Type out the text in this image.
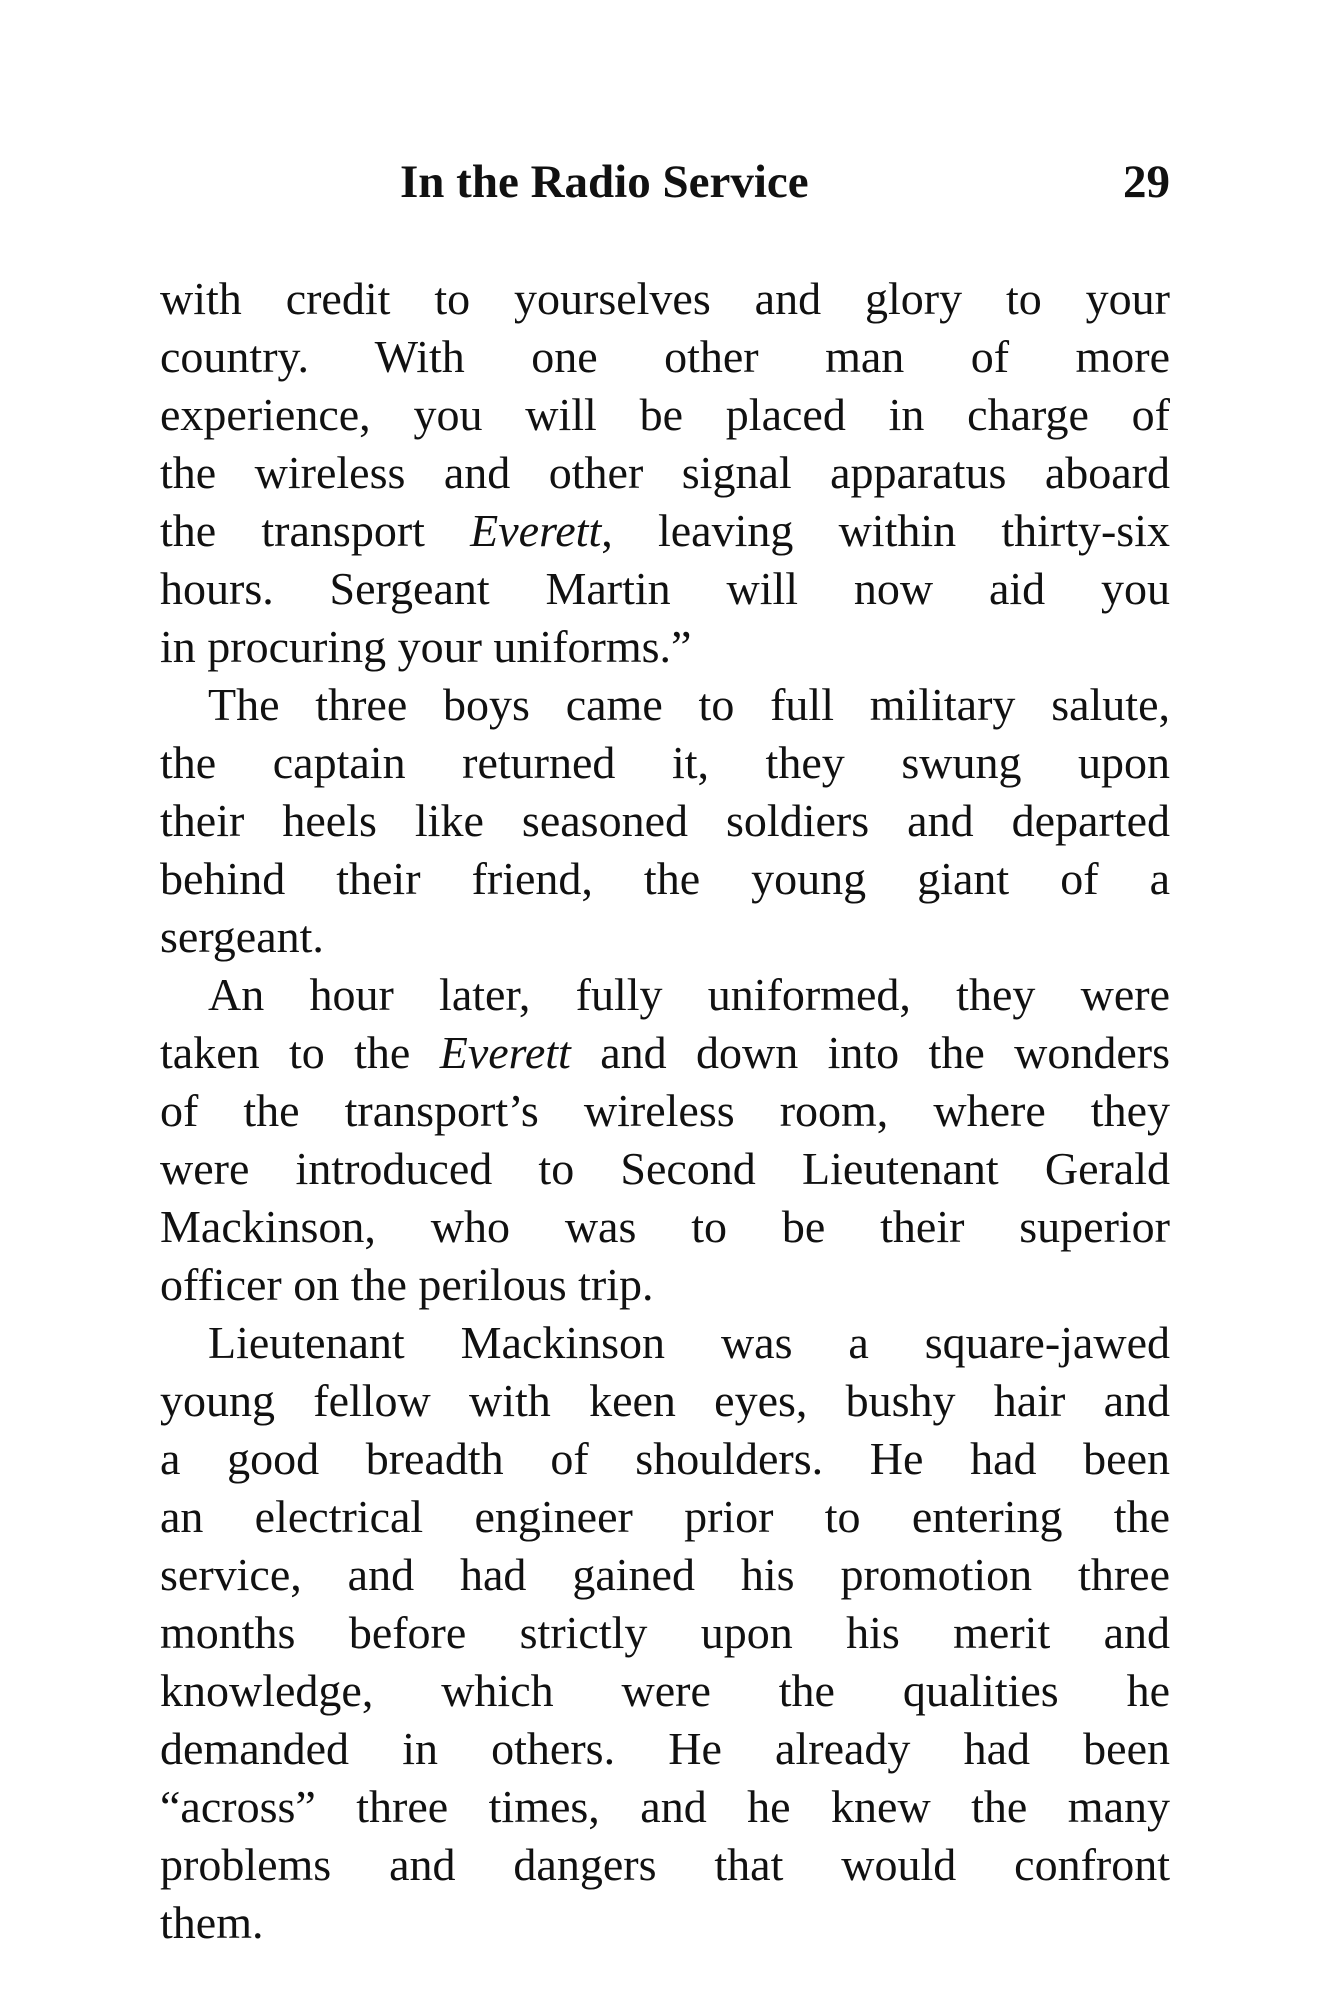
In the Radio Service	29
with credit to yourselves and glory to your
country. With one other man of more
experience, you will be placed in charge of
the wireless and other signal apparatus aboard
the transport Everett, leaving within thirty-six
hours. Sergeant Martin will now aid you
in procuring your uniforms.”
The three boys came to full military salute,
the captain returned it, they swung upon
their heels like seasoned soldiers and departed
behind their friend, the young giant of a
sergeant.
An hour later, fully uniformed, they were
taken to the Everett and down into the wonders
of the transport’s wireless room, where they
were introduced to Second Lieutenant Gerald
Mackinson, who was to be their superior
officer on the perilous trip.
Lieutenant Mackinson was a square-jawed
young fellow with keen eyes, bushy hair and
a good breadth of shoulders. He had been
an electrical engineer prior to entering the
service, and had gained his promotion three
months before strictly upon his merit and
knowledge, which were the qualities he
demanded in others. He already had been
“across” three times, and he knew the many
problems and dangers that would confront
them.
